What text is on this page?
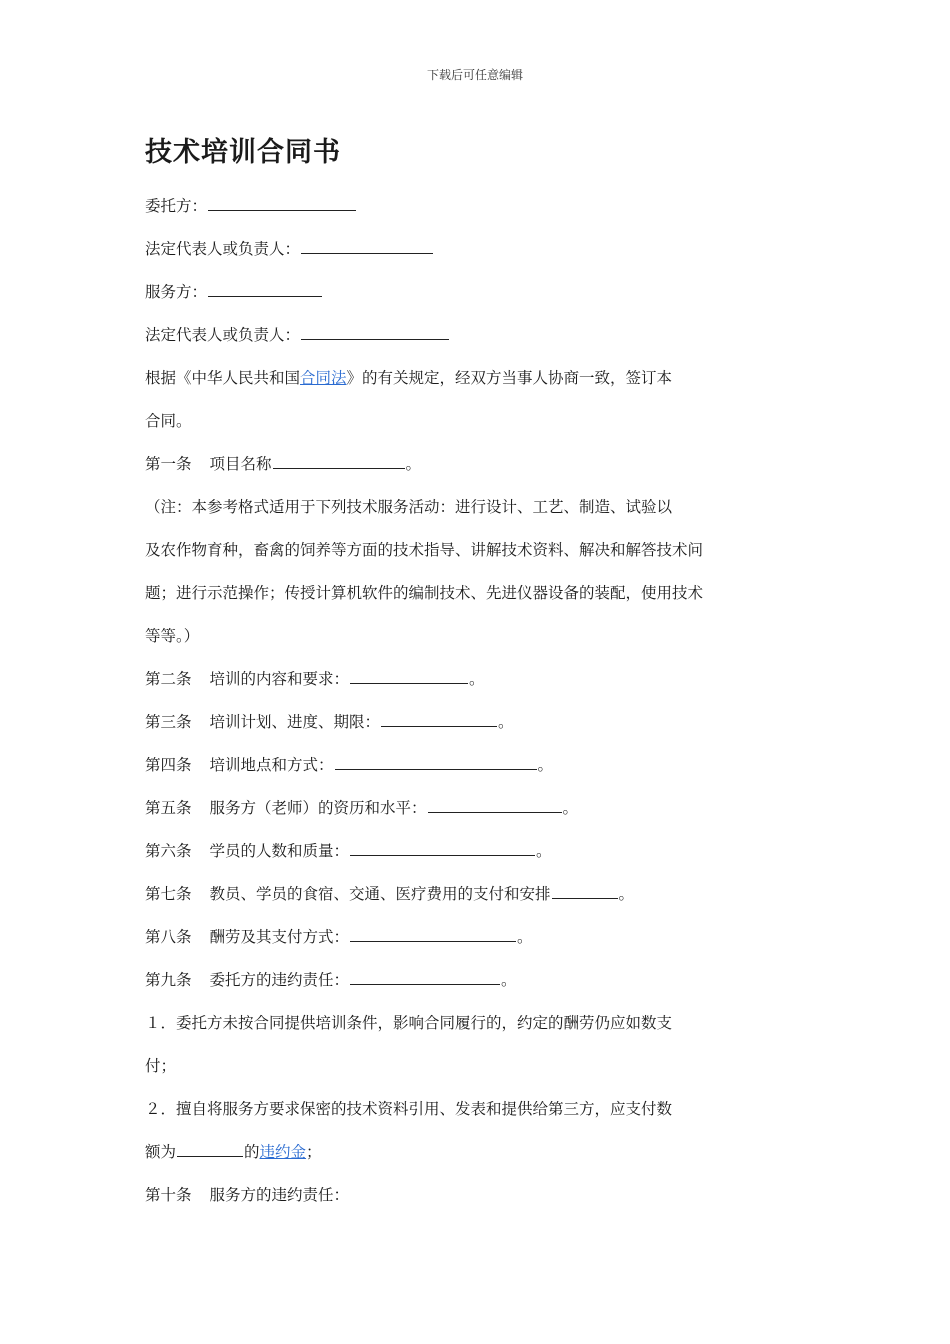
下载后可任意编辑
技术培训合同书
委托方：
法定代表人或负责人：
服务方：
法定代表人或负责人：
根据《中华人民共和国合同法》的有关规定，经双方当事人协商一致，签订本
合同。
第一条 项目名称	。
（注：本参考格式适用于下列技术服务活动：进行设计、工艺、制造、试验以
及农作物育种，畜禽的饲养等方面的技术指导、讲解技术资料、解决和解答技术问
题；进行示范操作；传授计算机软件的编制技术、先进仪器设备的装配，使用技术
等等。）
第二条 培训的内容和要求：	。
第三条 培训计划、进度、期限：	。
第四条 培训地点和方式：	。
第五条 服务方（老师）的资历和水平：	。
第六条 学员的人数和质量：	。
第七条 教员、学员的食宿、交通、医疗费用的支付和安排	。
第八条 酬劳及其支付方式：	。
第九条 委托方的违约责任：	。
１．委托方未按合同提供培训条件，影响合同履行的，约定的酬劳仍应如数支
付；
２．擅自将服务方要求保密的技术资料引用、发表和提供给第三方，应支付数
额为	的违约金；
第十条 服务方的违约责任：
